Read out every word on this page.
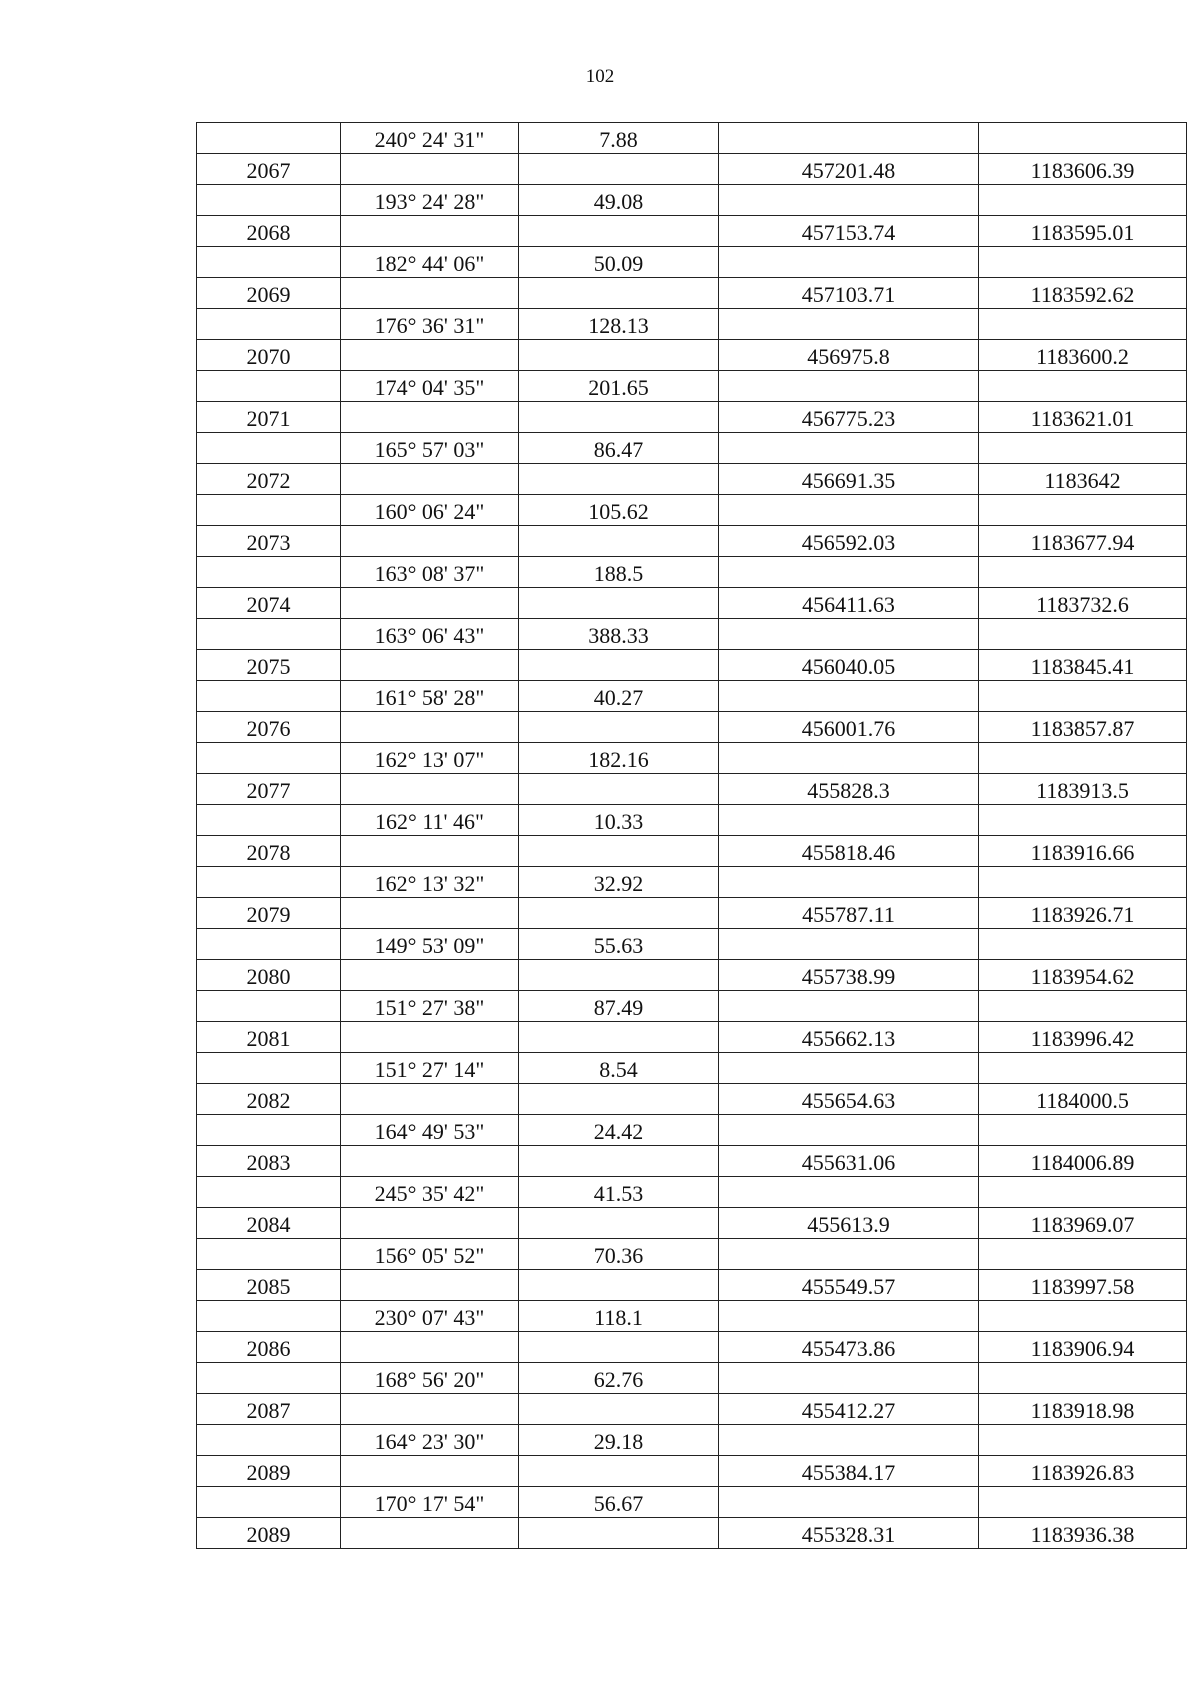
102
	240° 24' 31"	7.88		
2067			457201.48	1183606.39
	193° 24' 28"	49.08		
2068			457153.74	1183595.01
	182° 44' 06"	50.09		
2069			457103.71	1183592.62
	176° 36' 31"	128.13		
2070			456975.8	1183600.2
	174° 04' 35"	201.65		
2071			456775.23	1183621.01
	165° 57' 03"	86.47		
2072			456691.35	1183642
	160° 06' 24"	105.62		
2073			456592.03	1183677.94
	163° 08' 37"	188.5		
2074			456411.63	1183732.6
	163° 06' 43"	388.33		
2075			456040.05	1183845.41
	161° 58' 28"	40.27		
2076			456001.76	1183857.87
	162° 13' 07"	182.16		
2077			455828.3	1183913.5
	162° 11' 46"	10.33		
2078			455818.46	1183916.66
	162° 13' 32"	32.92		
2079			455787.11	1183926.71
	149° 53' 09"	55.63		
2080			455738.99	1183954.62
	151° 27' 38"	87.49		
2081			455662.13	1183996.42
	151° 27' 14"	8.54		
2082			455654.63	1184000.5
	164° 49' 53"	24.42		
2083			455631.06	1184006.89
	245° 35' 42"	41.53		
2084			455613.9	1183969.07
	156° 05' 52"	70.36		
2085			455549.57	1183997.58
	230° 07' 43"	118.1		
2086			455473.86	1183906.94
	168° 56' 20"	62.76		
2087			455412.27	1183918.98
	164° 23' 30"	29.18		
2089			455384.17	1183926.83
	170° 17' 54"	56.67		
2089			455328.31	1183936.38
